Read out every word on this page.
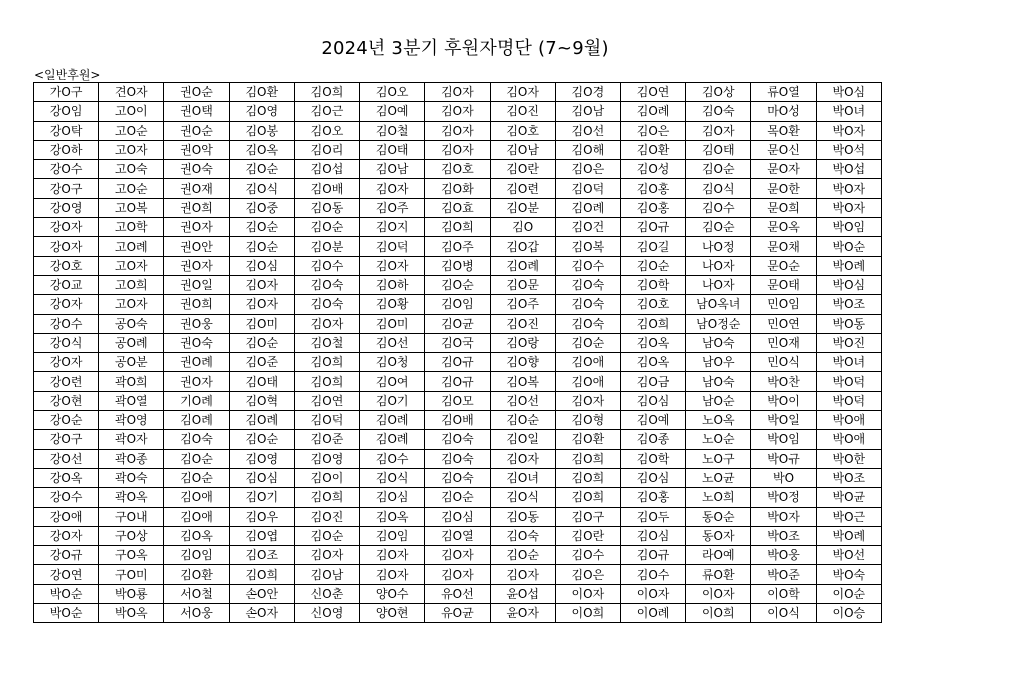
2024년 3분기 후원자명단 (7~9월)
<일반후원>
가O구	견O자	권O순	김O환	김O희	김O오	김O자	김O자	김O경	김O연	김O상	류O열	박O심
강O임	고O이	권O택	김O영	김O근	김O예	김O자	김O진	김O남	김O례	김O숙	마O성	박O녀
강O탁	고O순	권O순	김O봉	김O오	김O철	김O자	김O호	김O선	김O은	김O자	목O환	박O자
강O하	고O자	권O악	김O옥	김O리	김O태	김O자	김O남	김O해	김O환	김O태	문O신	박O석
강O수	고O숙	권O숙	김O순	김O섭	김O남	김O호	김O란	김O은	김O성	김O순	문O자	박O섭
강O구	고O순	권O재	김O식	김O배	김O자	김O화	김O련	김O덕	김O홍	김O식	문O한	박O자
강O영	고O복	권O희	김O중	김O동	김O주	김O효	김O분	김O례	김O홍	김O수	문O희	박O자
강O자	고O학	권O자	김O순	김O순	김O지	김O희	김O	김O건	김O규	김O순	문O옥	박O임
강O자	고O례	권O안	김O순	김O분	김O덕	김O주	김O갑	김O복	김O길	나O정	문O채	박O순
강O호	고O자	권O자	김O심	김O수	김O자	김O병	김O례	김O수	김O순	나O자	문O순	박O례
강O교	고O희	권O일	김O자	김O숙	김O하	김O순	김O문	김O숙	김O학	나O자	문O태	박O심
강O자	고O자	권O희	김O자	김O숙	김O황	김O임	김O주	김O숙	김O호	남O옥녀	민O임	박O조
강O수	공O숙	권O웅	김O미	김O자	김O미	김O균	김O진	김O숙	김O희	남O정순	민O연	박O동
강O식	공O례	권O숙	김O순	김O철	김O선	김O국	김O랑	김O순	김O옥	남O숙	민O재	박O진
강O자	공O분	권O례	김O준	김O희	김O청	김O규	김O향	김O애	김O옥	남O우	민O식	박O녀
강O련	곽O희	권O자	김O태	김O희	김O여	김O규	김O복	김O애	김O금	남O숙	박O찬	박O덕
강O현	곽O열	기O례	김O혁	김O연	김O기	김O모	김O선	김O자	김O심	남O순	박O이	박O덕
강O순	곽O영	김O례	김O례	김O덕	김O례	김O배	김O순	김O형	김O예	노O옥	박O일	박O애
강O구	곽O자	김O숙	김O순	김O준	김O례	김O숙	김O일	김O환	김O종	노O순	박O임	박O애
강O선	곽O종	김O순	김O영	김O영	김O수	김O숙	김O자	김O희	김O학	노O구	박O규	박O한
강O옥	곽O숙	김O순	김O심	김O이	김O식	김O숙	김O녀	김O희	김O심	노O균	박O	박O조
강O수	곽O옥	김O애	김O기	김O희	김O심	김O순	김O식	김O희	김O홍	노O희	박O정	박O균
강O애	구O내	김O애	김O우	김O진	김O옥	김O심	김O동	김O구	김O두	동O순	박O자	박O근
강O자	구O상	김O옥	김O엽	김O순	김O임	김O열	김O숙	김O란	김O심	동O자	박O조	박O례
강O규	구O옥	김O임	김O조	김O자	김O자	김O자	김O순	김O수	김O규	라O예	박O웅	박O선
강O연	구O미	김O환	김O희	김O남	김O자	김O자	김O자	김O은	김O수	류O환	박O준	박O숙
박O순	박O룡	서O철	손O안	신O춘	양O수	유O선	윤O섭	이O자	이O자	이O자	이O학	이O순
박O순	박O옥	서O웅	손O자	신O영	양O현	유O균	윤O자	이O희	이O례	이O희	이O식	이O승
